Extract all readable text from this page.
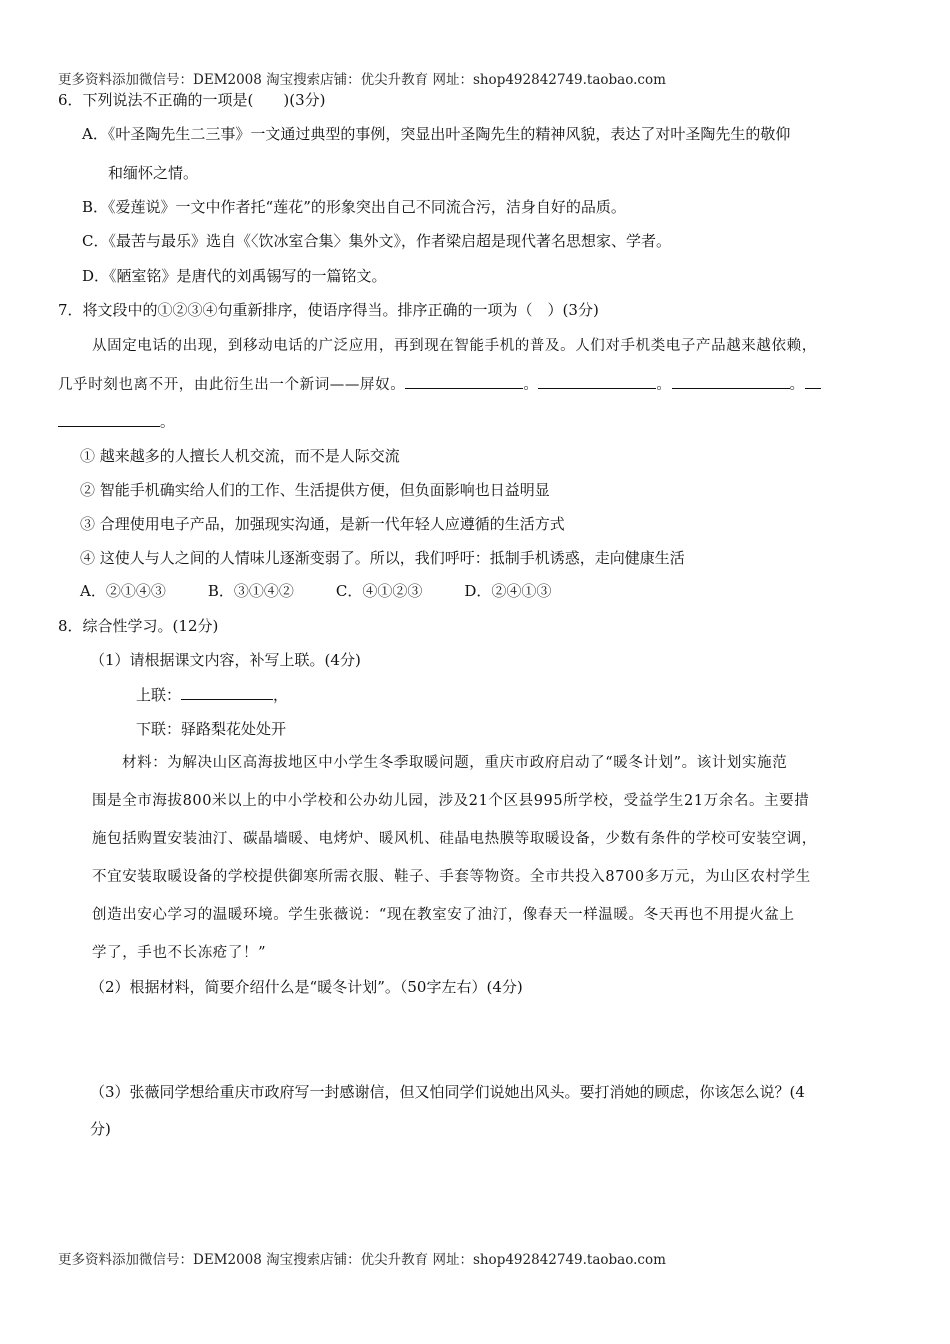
更多资料添加微信号：DEM2008 淘宝搜索店铺：优尖升教育 网址：shop492842749.taobao.com
6．下列说法不正确的一项是(　　)(3分)
A．《叶圣陶先生二三事》一文通过典型的事例，突显出叶圣陶先生的精神风貌，表达了对叶圣陶先生的敬仰
和缅怀之情。
B．《爱莲说》一文中作者托“莲花”的形象突出自己不同流合污，洁身自好的品质。
C．《最苦与最乐》选自《〈饮冰室合集〉集外文》，作者梁启超是现代著名思想家、学者。
D．《陋室铭》是唐代的刘禹锡写的一篇铭文。
7．将文段中的①②③④句重新排序，使语序得当。排序正确的一项为（　）(3分)
从固定电话的出现，到移动电话的广泛应用，再到现在智能手机的普及。人们对手机类电子产品越来越依赖，
几乎时刻也离不开，由此衍生出一个新词——屏奴。	。	。	。
。
① 越来越多的人擅长人机交流，而不是人际交流
② 智能手机确实给人们的工作、生活提供方便，但负面影响也日益明显
③ 合理使用电子产品，加强现实沟通，是新一代年轻人应遵循的生活方式
④ 这使人与人之间的人情味儿逐渐变弱了。所以，我们呼吁：抵制手机诱惑，走向健康生活
A．②①④③	B．③①④②	C．④①②③	D．②④①③
8．综合性学习。(12分)
（1）请根据课文内容，补写上联。(4分)
上联：	，
下联：驿路梨花处处开
材料：为解决山区高海拔地区中小学生冬季取暖问题，重庆市政府启动了“暖冬计划”。该计划实施范
围是全市海拔800米以上的中小学校和公办幼儿园，涉及21个区县995所学校，受益学生21万余名。主要措
施包括购置安装油汀、碳晶墙暖、电烤炉、暖风机、硅晶电热膜等取暖设备，少数有条件的学校可安装空调，
不宜安装取暖设备的学校提供御寒所需衣服、鞋子、手套等物资。全市共投入8700多万元，为山区农村学生
创造出安心学习的温暖环境。学生张薇说：“现在教室安了油汀，像春天一样温暖。冬天再也不用提火盆上
学了，手也不长冻疮了！”
（2）根据材料，简要介绍什么是“暖冬计划”。（50字左右）(4分)
（3）张薇同学想给重庆市政府写一封感谢信，但又怕同学们说她出风头。要打消她的顾虑，你该怎么说？(4
分)
更多资料添加微信号：DEM2008 淘宝搜索店铺：优尖升教育 网址：shop492842749.taobao.com
